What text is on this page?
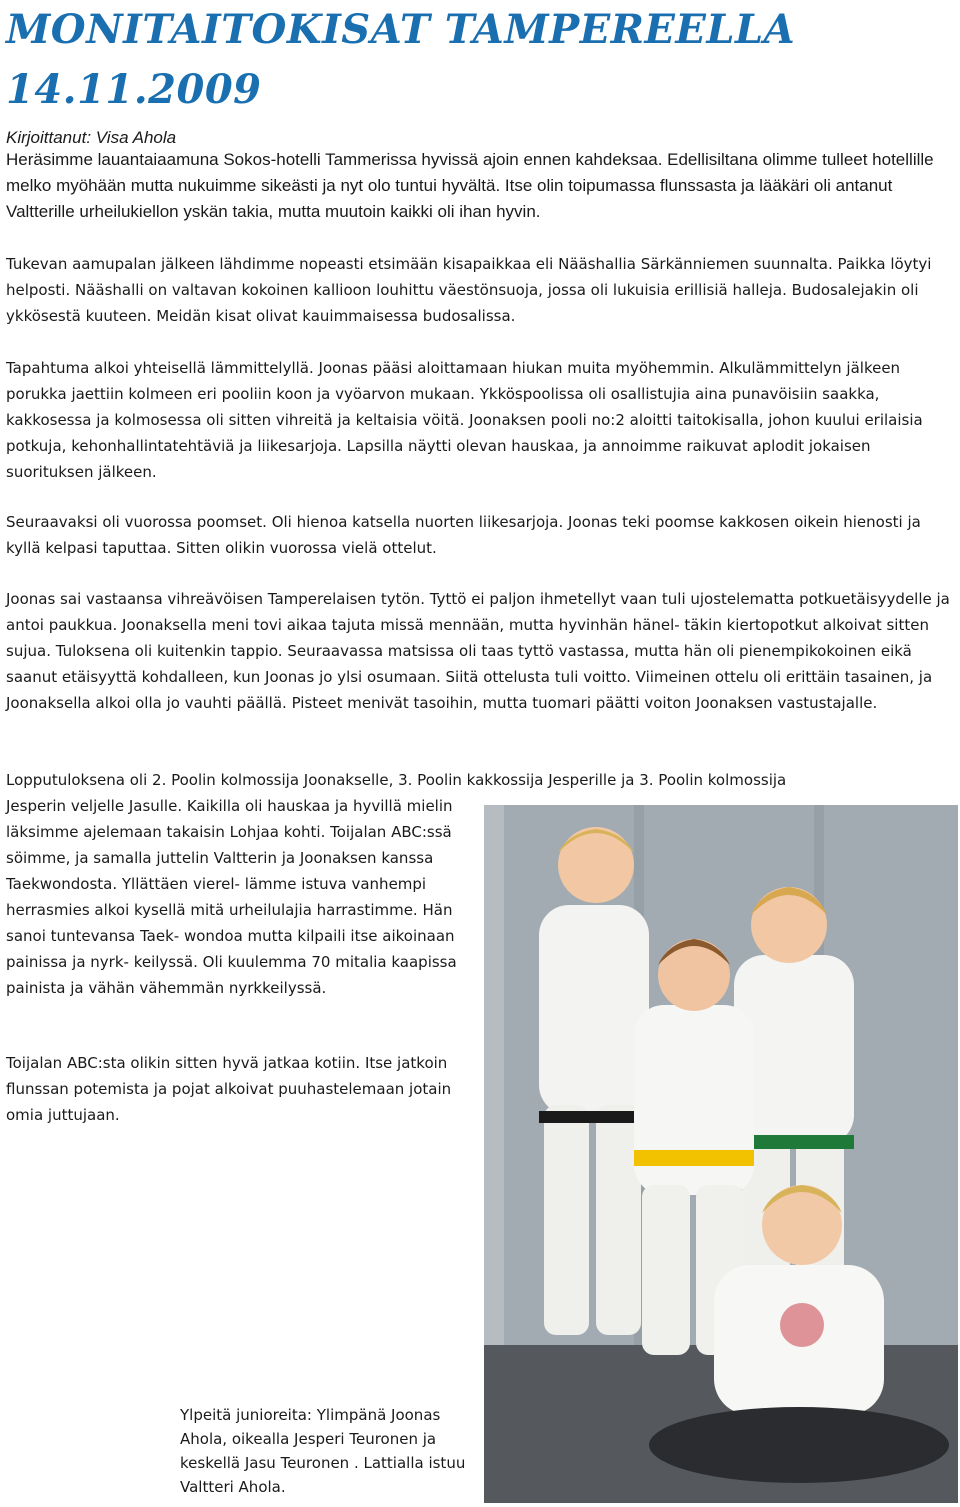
MONITAITOKISAT TAMPEREELLA 14.11.2009
Kirjoittanut: Visa Ahola

Heräsimme lauantaiaamuna Sokos-hotelli Tammerissa hyvissä ajoin ennen kahdeksaa. Edellisiltana olimme tulleet hotellille melko myöhään mutta nukuimme sikeästi ja nyt olo tuntui hyvältä. Itse olin toipumassa flunssasta ja lääkäri oli antanut Valtterille urheilukiellon yskän takia, mutta muutoin kaikki oli ihan hyvin.

Tukevan aamupalan jälkeen lähdimme nopeasti etsimään kisapaikkaa eli Nääshallia Särkänniemen suunnalta. Paikka löytyi helposti. Nääshalli on valtavan kokoinen kallioon louhittu väestönsuoja, jossa oli lukuisia erillisiä halleja. Budosalejakin oli ykkösestä kuuteen. Meidän kisat olivat kauimmaisessa budosalissa.

Tapahtuma alkoi yhteisellä lämmittelyllä. Joonas pääsi aloittamaan hiukan muita myöhemmin. Alkulämmittelyn jälkeen porukka jaettiin kolmeen eri pooliin koon ja vyöarvon mukaan. Ykköspoolissa oli osallistujia aina punavöisiin saakka, kakkosessa ja kolmosessa oli sitten vihreitä ja keltaisia vöitä. Joonaksen pooli no:2 aloitti taitokisalla, johon kuului erilaisia potkuja, kehonhallintatehtäviä ja liikesarjoja. Lapsilla näytti olevan hauskaa, ja annoimme raikuvat aplodit jokaisen suorituksen jälkeen.

Seuraavaksi oli vuorossa poomset. Oli hienoa katsella nuorten liikesarjoja. Joonas teki poomse kakkosen oikein hienosti ja kyllä kelpasi taputtaa. Sitten olikin vuorossa vielä ottelut.

Joonas sai vastaansa vihreävöisen Tamperelaisen tytön. Tyttö ei paljon ihmetellyt vaan tuli ujostelematta potkuetäisyydelle ja antoi paukkua. Joonaksella meni tovi aikaa tajuta missä mennään, mutta hyvinhän hänel- täkin kiertopotkut alkoivat sitten sujua. Tuloksena oli kuitenkin tappio. Seuraavassa matsissa oli taas tyttö vastassa, mutta hän oli pienempikokoinen eikä saanut etäisyyttä kohdalleen, kun Joonas jo ylsi osumaan. Siitä ottelusta tuli voitto. Viimeinen ottelu oli erittäin tasainen, ja Joonaksella alkoi olla jo vauhti päällä. Pisteet menivät tasoihin, mutta tuomari päätti voiton Joonaksen vastustajalle.

Lopputuloksena oli 2. Poolin kolmossija Joonakselle, 3. Poolin kakkossija Jesperille ja 3. Poolin kolmossija

Jesperin veljelle Jasulle. Kaikilla oli hauskaa ja hyvillä mielin läksimme ajelemaan takaisin Lohjaa kohti. Toijalan ABC:ssä söimme, ja samalla juttelin Valtterin ja Joonaksen kanssa Taekwondosta. Yllättäen vierel- lämme istuva vanhempi herrasmies alkoi kysellä mitä urheilulajia harrastimme. Hän sanoi tuntevansa Taek- wondoa mutta kilpaili itse aikoinaan painissa ja nyrk- keilyssä. Oli kuulemma 70 mitalia kaapissa painista ja vähän vähemmän nyrkkeilyssä.

Toijalan ABC:sta olikin sitten hyvä jatkaa kotiin. Itse jatkoin flunssan potemista ja pojat alkoivat puuhastelemaan jotain omia juttujaan.

Ylpeitä junioreita: Ylimpänä Joonas Ahola, oikealla Jesperi Teuronen ja keskellä Jasu Teuronen . Lattialla istuu Valtteri Ahola.
